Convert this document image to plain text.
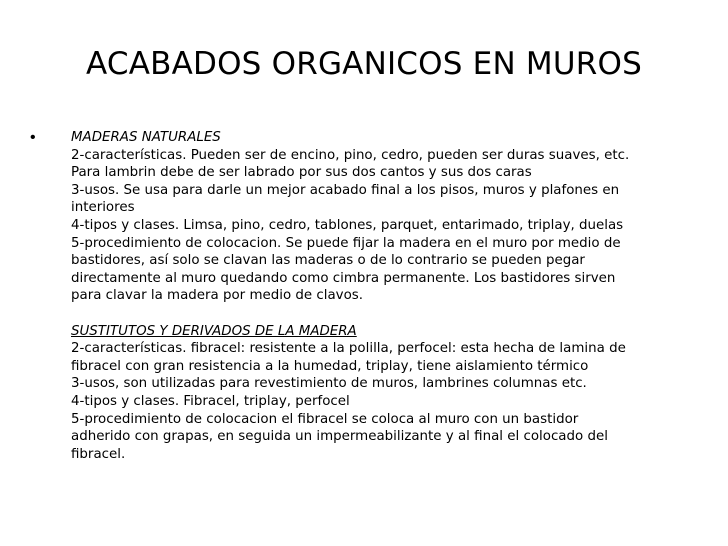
ACABADOS ORGANICOS EN MUROS
•	MADERAS NATURALES
2-características. Pueden ser de encino, pino, cedro, pueden ser duras suaves, etc.
Para lambrin debe de ser labrado por sus dos cantos y sus dos caras
3-usos. Se usa para darle un mejor acabado final a los pisos, muros y plafones en
interiores
4-tipos y clases. Limsa, pino, cedro, tablones, parquet, entarimado, triplay, duelas
5-procedimiento de colocacion. Se puede fijar la madera en el muro por medio de
bastidores, así solo se clavan las maderas o de lo contrario se pueden pegar
directamente al muro quedando como cimbra permanente. Los bastidores sirven
para clavar la madera por medio de clavos.
SUSTITUTOS Y DERIVADOS DE LA MADERA
2-características. fibracel: resistente a la polilla, perfocel: esta hecha de lamina de
fibracel con gran resistencia a la humedad, triplay, tiene aislamiento térmico
3-usos, son utilizadas para revestimiento de muros, lambrines columnas etc.
4-tipos y clases. Fibracel, triplay, perfocel
5-procedimiento de colocacion el fibracel se coloca al muro con un bastidor
adherido con grapas, en seguida un impermeabilizante y al final el colocado del
fibracel.
